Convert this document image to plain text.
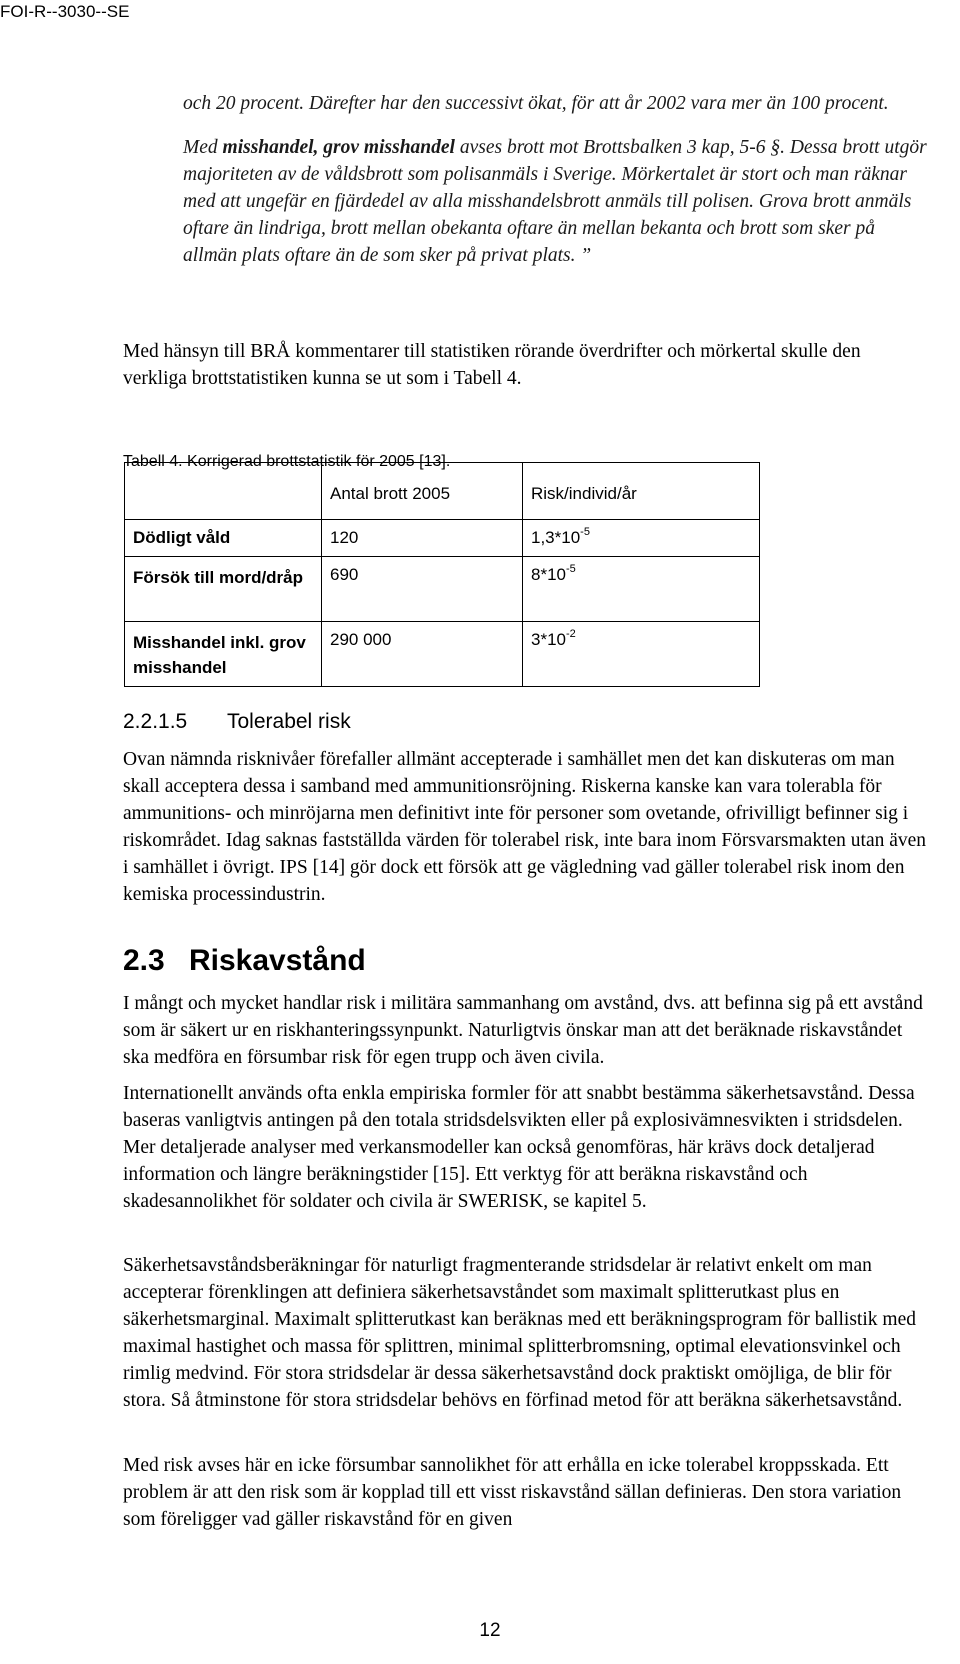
FOI-R--3030--SE

och 20 procent. Därefter har den successivt ökat, för att år 2002 vara mer än 100 procent.

Med misshandel, grov misshandel avses brott mot Brottsbalken 3 kap, 5-6 §. Dessa brott utgör majoriteten av de våldsbrott som polisanmäls i Sverige. Mörkertalet är stort och man räknar med att ungefär en fjärdedel av alla misshandelsbrott anmäls till polisen. Grova brott anmäls oftare än lindriga, brott mellan obekanta oftare än mellan bekanta och brott som sker på allmän plats oftare än de som sker på privat plats. ”

Med hänsyn till BRÅ kommentarer till statistiken rörande överdrifter och mörkertal skulle den verkliga brottstatistiken kunna se ut som i Tabell 4.

Tabell 4. Korrigerad brottstatistik för 2005 [13].
	Antal brott 2005	Risk/individ/år
Dödligt våld	120	$1,3*10^{-5}$
Försök till mord/dråp	690	$8*10^{-5}$
Misshandel inkl. grov misshandel	290 000	$3*10^{-2}$
2.2.1.5 Tolerabel risk

Ovan nämnda risknivåer förefaller allmänt accepterade i samhället men det kan diskuteras om man skall acceptera dessa i samband med ammunitionsröjning. Riskerna kanske kan vara tolerabla för ammunitions- och minröjarna men definitivt inte för personer som ovetande, ofrivilligt befinner sig i riskområdet. Idag saknas fastställda värden för tolerabel risk, inte bara inom Försvarsmakten utan även i samhället i övrigt. IPS [14] gör dock ett försök att ge vägledning vad gäller tolerabel risk inom den kemiska processindustrin.

2.3 Riskavstånd

I mångt och mycket handlar risk i militära sammanhang om avstånd, dvs. att befinna sig på ett avstånd som är säkert ur en riskhanteringssynpunkt. Naturligtvis önskar man att det beräknade riskavståndet ska medföra en försumbar risk för egen trupp och även civila.

Internationellt används ofta enkla empiriska formler för att snabbt bestämma säkerhetsavstånd. Dessa baseras vanligtvis antingen på den totala stridsdelsvikten eller på explosivämnesvikten i stridsdelen. Mer detaljerade analyser med verkansmodeller kan också genomföras, här krävs dock detaljerad information och längre beräkningstider [15]. Ett verktyg för att beräkna riskavstånd och skadesannolikhet för soldater och civila är SWERISK, se kapitel 5.

Säkerhetsavståndsberäkningar för naturligt fragmenterande stridsdelar är relativt enkelt om man accepterar förenklingen att definiera säkerhetsavståndet som maximalt splitterutkast plus en säkerhetsmarginal. Maximalt splitterutkast kan beräknas med ett beräkningsprogram för ballistik med maximal hastighet och massa för splittren, minimal splitterbromsning, optimal elevationsvinkel och rimlig medvind. För stora stridsdelar är dessa säkerhetsavstånd dock praktiskt omöjliga, de blir för stora. Så åtminstone för stora stridsdelar behövs en förfinad metod för att beräkna säkerhetsavstånd.

Med risk avses här en icke försumbar sannolikhet för att erhålla en icke tolerabel kroppsskada. Ett problem är att den risk som är kopplad till ett visst riskavstånd sällan definieras. Den stora variation som föreligger vad gäller riskavstånd för en given

12
